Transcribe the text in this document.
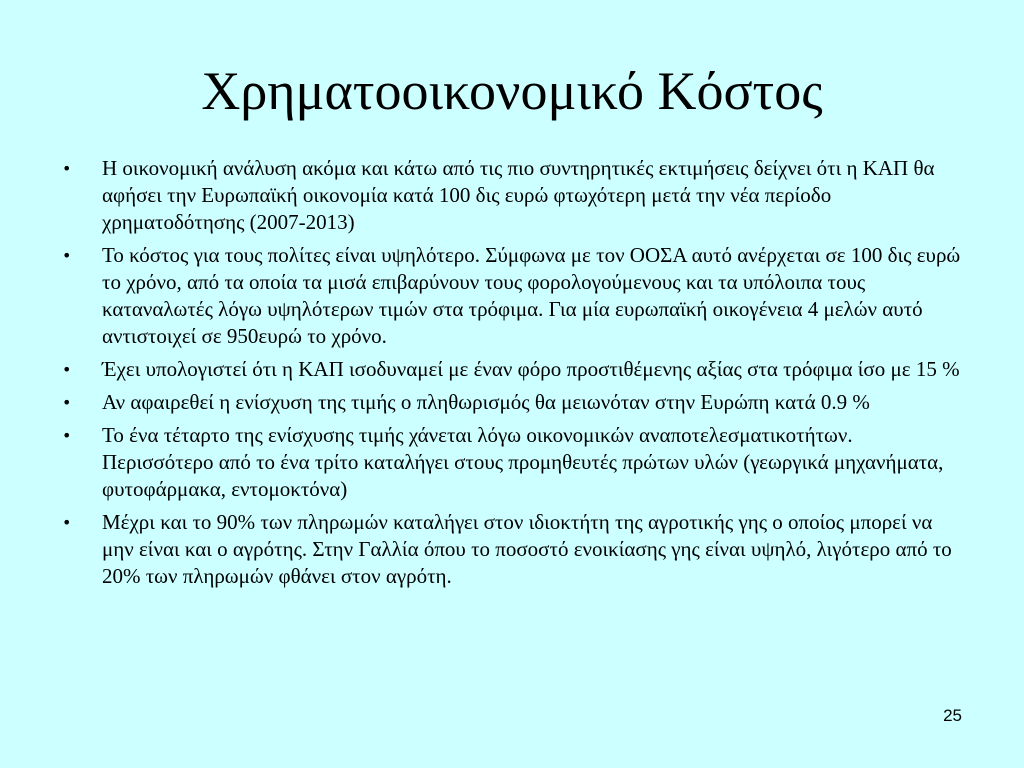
Χρηματοοικονομικό Κόστος
•	Η οικονομική ανάλυση ακόμα και κάτω από τις πιο συντηρητικές εκτιμήσεις δείχνει ότι η ΚΑΠ θα αφήσει την Ευρωπαϊκή οικονομία κατά 100 δις ευρώ φτωχότερη μετά την νέα περίοδο χρηματοδότησης (2007-2013)
•	Το κόστος για τους πολίτες είναι υψηλότερο. Σύμφωνα με τον ΟΟΣΑ αυτό ανέρχεται σε 100 δις ευρώ το χρόνο, από τα οποία τα μισά επιβαρύνουν τους φορολογούμενους και τα υπόλοιπα τους καταναλωτές λόγω υψηλότερων τιμών στα τρόφιμα. Για μία ευρωπαϊκή οικογένεια 4 μελών αυτό αντιστοιχεί σε 950ευρώ το χρόνο.
•	Έχει υπολογιστεί ότι η ΚΑΠ ισοδυναμεί με έναν φόρο προστιθέμενης αξίας στα τρόφιμα ίσο με 15 %
•	Αν αφαιρεθεί η ενίσχυση της τιμής ο πληθωρισμός θα μειωνόταν στην Ευρώπη κατά 0.9 %
•	Το ένα τέταρτο της ενίσχυσης τιμής χάνεται λόγω οικονομικών αναποτελεσματικοτήτων. Περισσότερο από το ένα τρίτο καταλήγει στους προμηθευτές πρώτων υλών (γεωργικά μηχανήματα, φυτοφάρμακα, εντομοκτόνα)
•	Μέχρι και το 90% των πληρωμών καταλήγει στον ιδιοκτήτη της αγροτικής γης ο οποίος μπορεί να μην είναι και ο αγρότης. Στην Γαλλία όπου το ποσοστό ενοικίασης γης είναι υψηλό, λιγότερο από το 20% των πληρωμών φθάνει στον αγρότη.
25
